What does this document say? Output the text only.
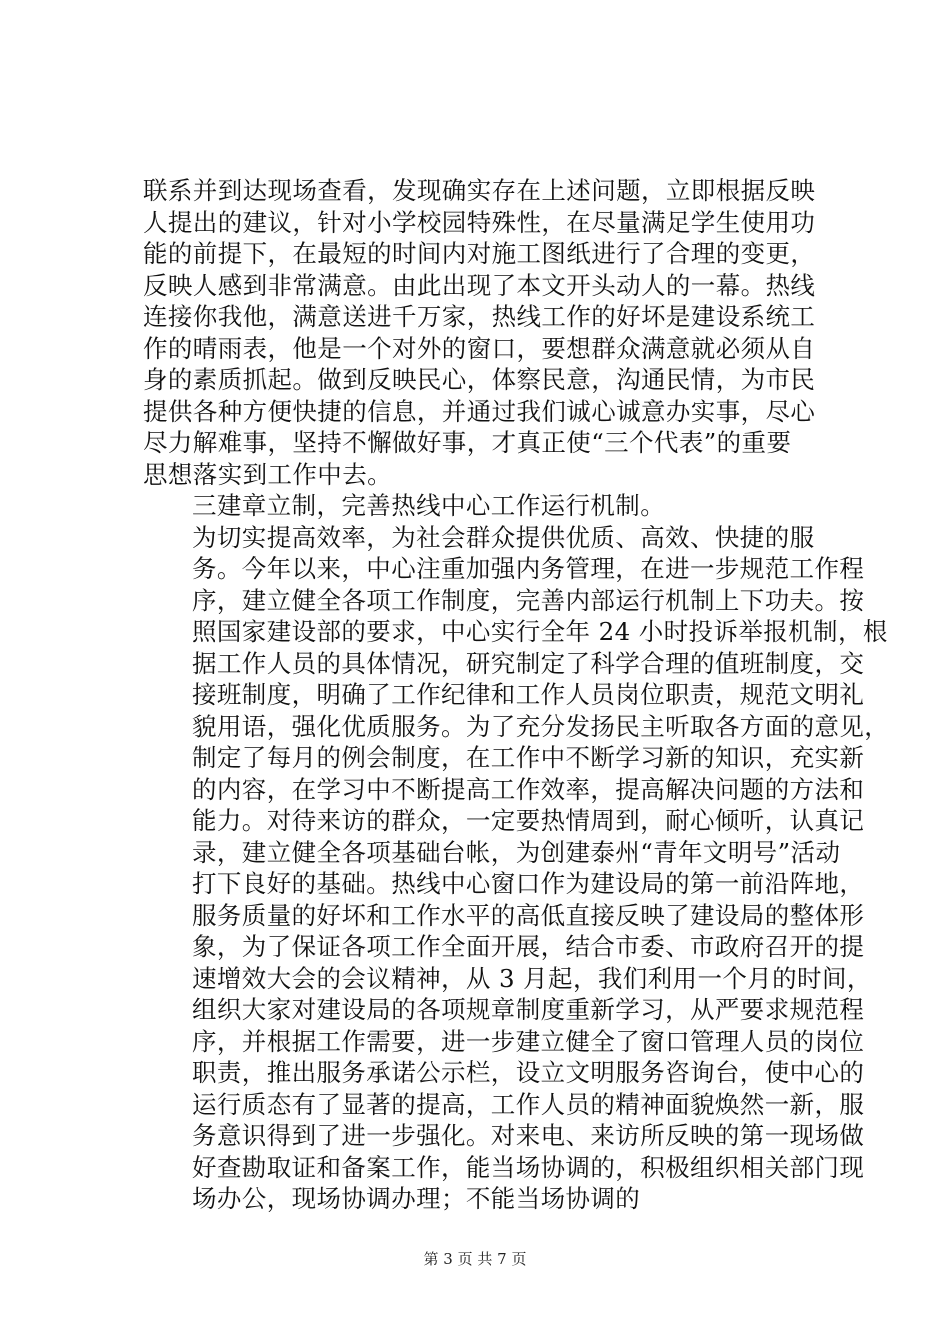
联系并到达现场查看，发现确实存在上述问题，立即根据反映
人提出的建议，针对小学校园特殊性，在尽量满足学生使用功
能的前提下，在最短的时间内对施工图纸进行了合理的变更，
反映人感到非常满意。由此出现了本文开头动人的一幕。热线
连接你我他，满意送进千万家，热线工作的好坏是建设系统工
作的晴雨表，他是一个对外的窗口，要想群众满意就必须从自
身的素质抓起。做到反映民心，体察民意，沟通民情，为市民
提供各种方便快捷的信息，并通过我们诚心诚意办实事，尽心
尽力解难事，坚持不懈做好事，才真正使“三个代表”的重要
思想落实到工作中去。
三建章立制，完善热线中心工作运行机制。
为切实提高效率，为社会群众提供优质、高效、快捷的服
务。今年以来，中心注重加强内务管理，在进一步规范工作程
序，建立健全各项工作制度，完善内部运行机制上下功夫。按
照国家建设部的要求，中心实行全年 24 小时投诉举报机制，根
据工作人员的具体情况，研究制定了科学合理的值班制度，交
接班制度，明确了工作纪律和工作人员岗位职责，规范文明礼
貌用语，强化优质服务。为了充分发扬民主听取各方面的意见，
制定了每月的例会制度，在工作中不断学习新的知识，充实新
的内容，在学习中不断提高工作效率，提高解决问题的方法和
能力。对待来访的群众，一定要热情周到，耐心倾听，认真记
录，建立健全各项基础台帐，为创建泰州“青年文明号”活动
打下良好的基础。热线中心窗口作为建设局的第一前沿阵地，
服务质量的好坏和工作水平的高低直接反映了建设局的整体形
象，为了保证各项工作全面开展，结合市委、市政府召开的提
速增效大会的会议精神，从 3 月起，我们利用一个月的时间，
组织大家对建设局的各项规章制度重新学习，从严要求规范程
序，并根据工作需要，进一步建立健全了窗口管理人员的岗位
职责，推出服务承诺公示栏，设立文明服务咨询台，使中心的
运行质态有了显著的提高，工作人员的精神面貌焕然一新，服
务意识得到了进一步强化。对来电、来访所反映的第一现场做
好查勘取证和备案工作，能当场协调的，积极组织相关部门现
场办公，现场协调办理；不能当场协调的
第 3 页 共 7 页
